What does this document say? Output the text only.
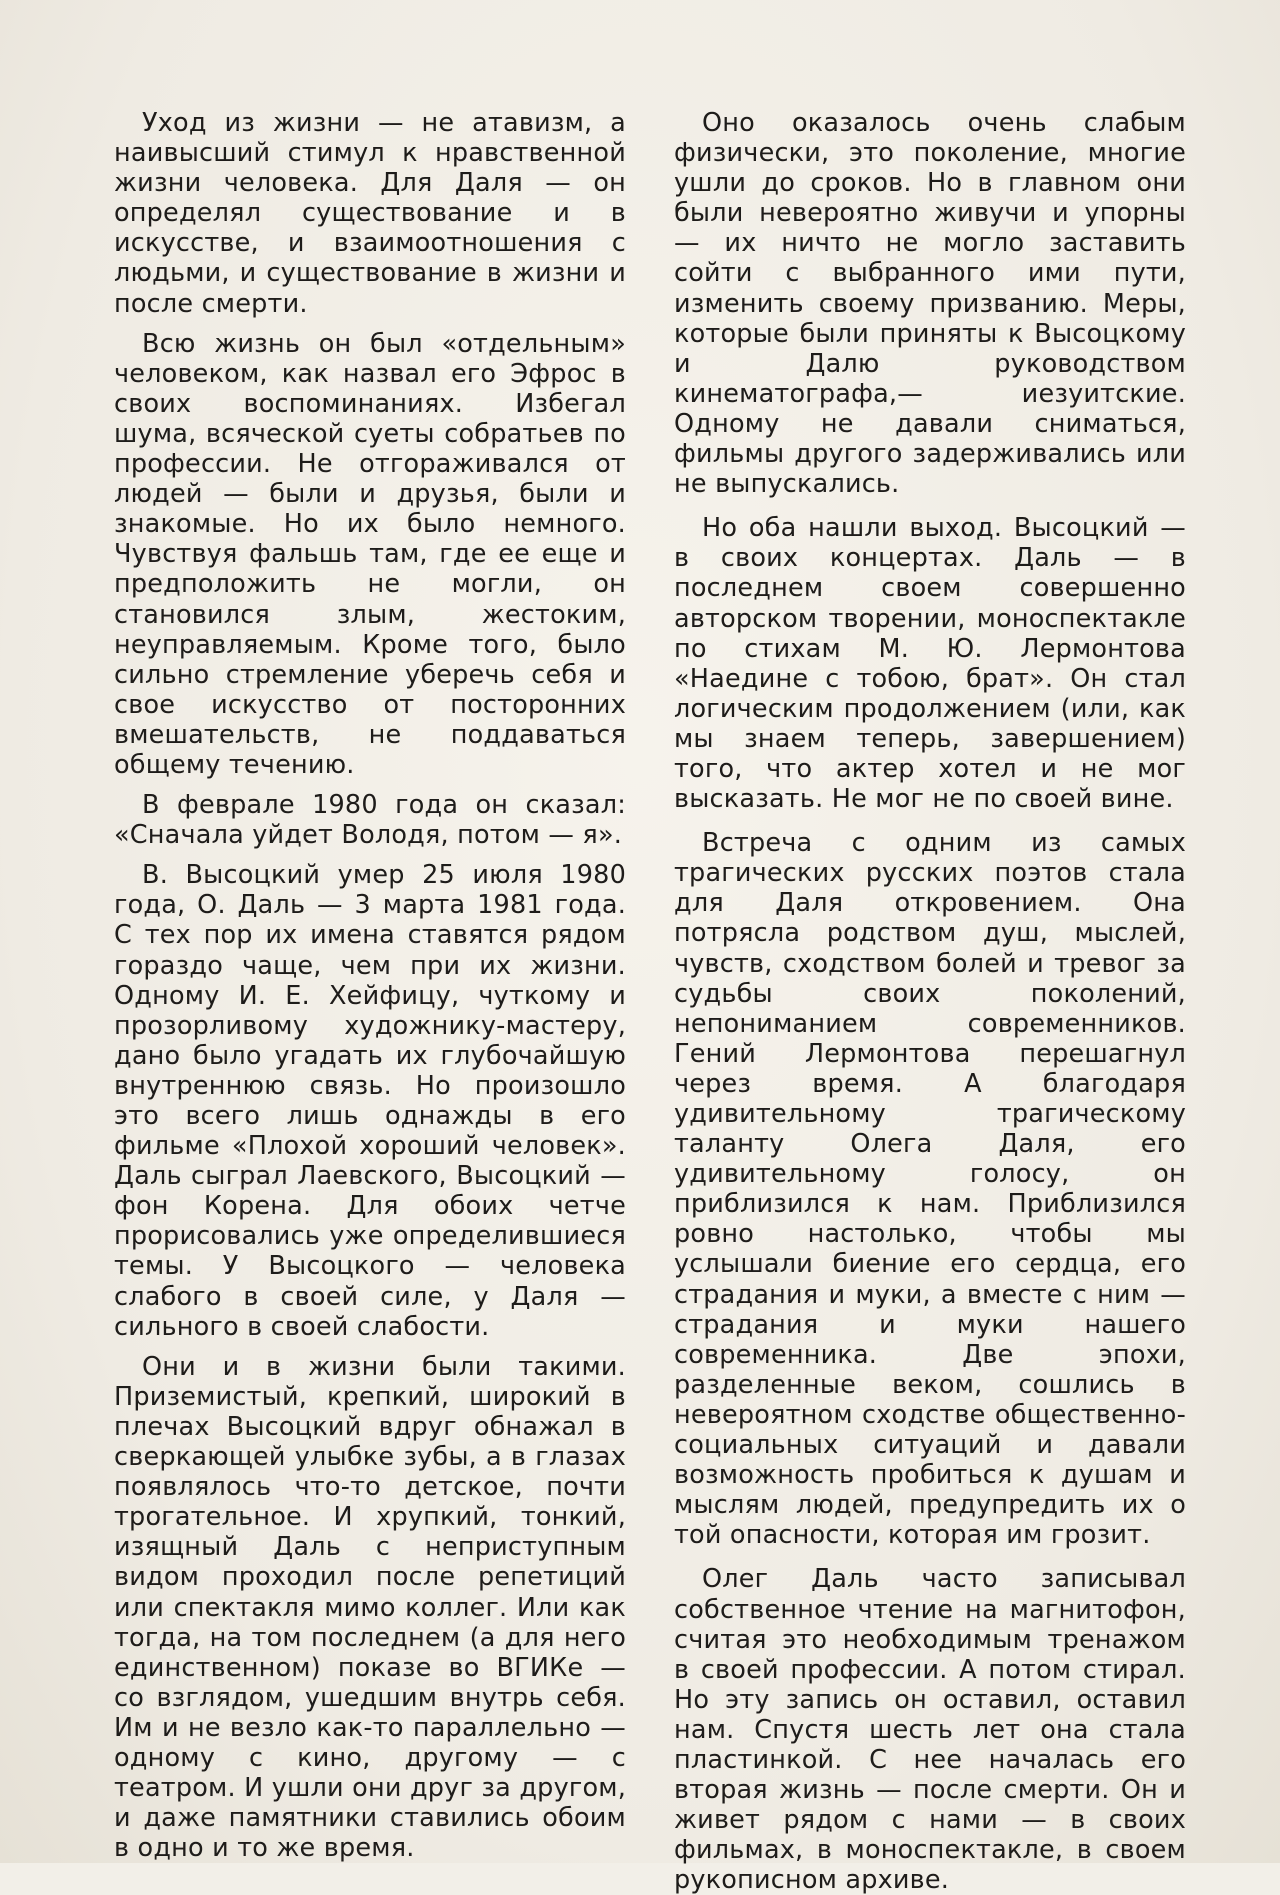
Уход из жизни — не атавизм, а наивысший стимул к нравственной жизни человека. Для Даля — он определял существование и в искусстве, и взаимоотношения с людьми, и существование в жизни и после смерти.

Всю жизнь он был «отдельным» человеком, как назвал его Эфрос в своих воспоминаниях. Избегал шума, всяческой суеты собратьев по профессии. Не отгораживался от людей — были и друзья, были и знакомые. Но их было немного. Чувствуя фальшь там, где ее еще и предположить не могли, он становился злым, жестоким, неуправляемым. Кроме того, было сильно стремление уберечь себя и свое искусство от посторонних вмешательств, не поддаваться общему течению.

В феврале 1980 года он сказал: «Сначала уйдет Володя, потом — я».

В. Высоцкий умер 25 июля 1980 года, О. Даль — 3 марта 1981 года. С тех пор их имена ставятся рядом гораздо чаще, чем при их жизни. Одному И. Е. Хейфицу, чуткому и прозорливому художнику-мастеру, дано было угадать их глубочайшую внутреннюю связь. Но произошло это всего лишь однажды в его фильме «Плохой хороший человек». Даль сыграл Лаевского, Высоцкий — фон Корена. Для обоих четче прорисовались уже определившиеся темы. У Высоцкого — человека слабого в своей силе, у Даля — сильного в своей слабости.

Они и в жизни были такими. Приземистый, крепкий, широкий в плечах Высоцкий вдруг обнажал в сверкающей улыбке зубы, а в глазах появлялось что-то детское, почти трогательное. И хрупкий, тонкий, изящный Даль с неприступным видом проходил после репетиций или спектакля мимо коллег. Или как тогда, на том последнем (а для него единственном) показе во ВГИКе — со взглядом, ушедшим внутрь себя. Им и не везло как-то параллельно — одному с кино, другому — с театром. И ушли они друг за другом, и даже памятники ставились обоим в одно и то же время.

Оно оказалось очень слабым физически, это поколение, многие ушли до сроков. Но в главном они были невероятно живучи и упорны — их ничто не могло заставить сойти с выбранного ими пути, изменить своему призванию. Меры, которые были приняты к Высоцкому и Далю руководством кинематографа,— иезуитские. Одному не давали сниматься, фильмы другого задерживались или не выпускались.

Но оба нашли выход. Высоцкий — в своих концертах. Даль — в последнем своем совершенно авторском творении, моноспектакле по стихам М. Ю. Лермонтова «Наедине с тобою, брат». Он стал логическим продолжением (или, как мы знаем теперь, завершением) того, что актер хотел и не мог высказать. Не мог не по своей вине.

Встреча с одним из самых трагических русских поэтов стала для Даля откровением. Она потрясла родством душ, мыслей, чувств, сходством болей и тревог за судьбы своих поколений, непониманием современников. Гений Лермонтова перешагнул через время. А благодаря удивительному трагическому таланту Олега Даля, его удивительному голосу, он приблизился к нам. Приблизился ровно настолько, чтобы мы услышали биение его сердца, его страдания и муки, а вместе с ним — страдания и муки нашего современника. Две эпохи, разделенные веком, сошлись в невероятном сходстве общественно-социальных ситуаций и давали возможность пробиться к душам и мыслям людей, предупредить их о той опасности, которая им грозит.

Олег Даль часто записывал собственное чтение на магнитофон, считая это необходимым тренажом в своей профессии. А потом стирал. Но эту запись он оставил, оставил нам. Спустя шесть лет она стала пластинкой. С нее началась его вторая жизнь — после смерти. Он и живет рядом с нами — в своих фильмах, в моноспектакле, в своем рукописном архиве.
